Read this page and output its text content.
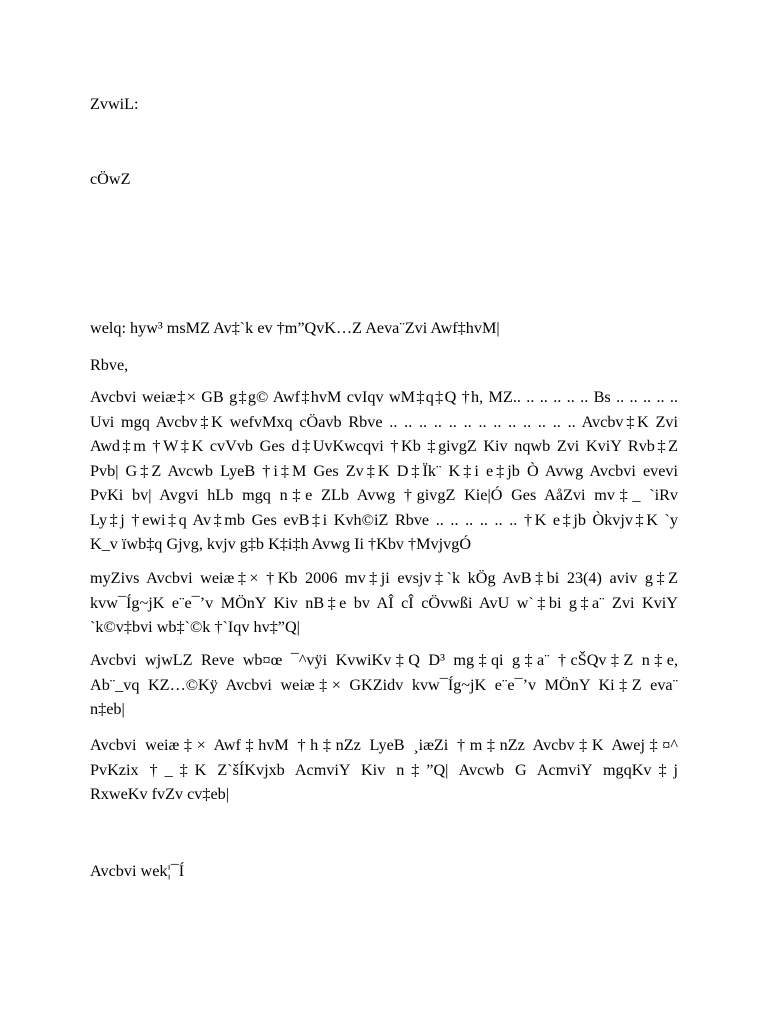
ZvwiL:
cÖwZ
welq: hyw³ msMZ Av‡`k ev †m”QvK…Z Aeva¨Zvi Awf‡hvM|
Rbve,
Avcbvi weiæ‡× GB g‡g© Awf‡hvM cvIqv wM‡q‡Q †h, MZ.. .. .. .. .. .. Bs .. .. .. .. ..
Uvi mgq Avcbv‡K wefvMxq cÖavb Rbve .. .. .. .. .. .. .. .. .. .. .. .. .. Avcbv‡K Zvi
Awd‡m †W‡K cvVvb Ges d‡UvKwcqvi †Kb ‡givgZ Kiv nqwb Zvi KviY Rvb‡Z
Pvb| G‡Z Avcwb LyeB †i‡M Ges Zv‡K D‡Ïk¨ K‡i e‡jb Ò Avwg Avcbvi evevi
PvKi bv| Avgvi hLb mgq n‡e ZLb Avwg †givgZ Kie|Ó Ges AåZvi mv‡_ `iRv
Ly‡j †ewi‡q Av‡mb Ges evB‡i Kvh©iZ Rbve .. .. .. .. .. .. †K e‡jb Òkvjv‡K `y
K_v ïwb‡q Gjvg, kvjv g‡b K‡i‡h Avwg Ii †Kbv †MvjvgÓ
myZivs Avcbvi weiæ‡× †Kb 2006 mv‡ji evsjv‡`k kÖg AvB‡bi 23(4) aviv g‡Z
kvw¯Íg~jK e¨e¯’v MÖnY Kiv nB‡e bv AÎ cÎ cÖvwßi AvU w`‡bi g‡a¨ Zvi KviY
`k©v‡bvi wb‡`©k †`Iqv hv‡”Q|
Avcbvi wjwLZ Reve wb¤œ ¯^vÿi KvwiKv‡Q D³ mg‡qi g‡a¨ †cŠQv‡Z n‡e,
Ab¨_vq KZ…©Kÿ Avcbvi weiæ‡× GKZidv kvw¯Íg~jK e¨e¯’v MÖnY Ki‡Z eva¨
n‡eb|
Avcbvi weiæ‡× Awf‡hvM †h‡nZz LyeB ¸iæZi †m‡nZz Avcbv‡K Awej‡¤^
PvKzix †_‡K Z`šÍKvjxb AcmviY Kiv n‡”Q| Avcwb G AcmviY mgqKv‡j
RxweKv fvZv cv‡eb|
Avcbvi wek¦¯Í
